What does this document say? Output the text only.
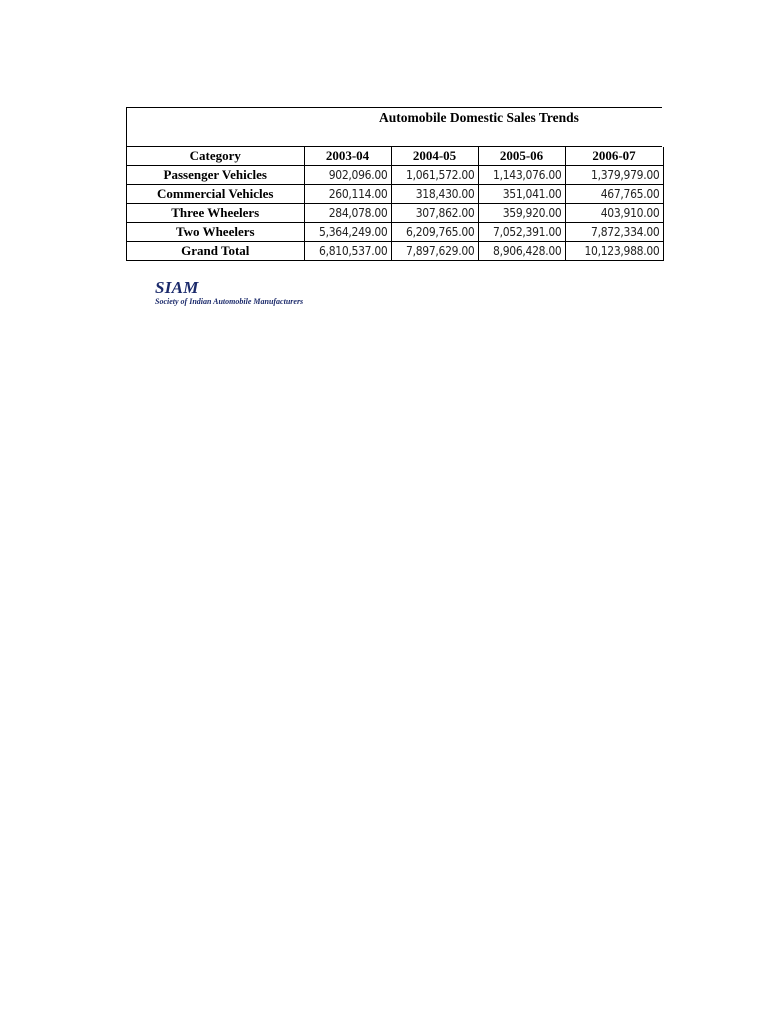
Automobile Domestic Sales Trends
Category	2003-04	2004-05	2005-06	2006-07
Passenger Vehicles	902,096.00	1,061,572.00	1,143,076.00	1,379,979.00
Commercial Vehicles	260,114.00	318,430.00	351,041.00	467,765.00
Three Wheelers	284,078.00	307,862.00	359,920.00	403,910.00
Two Wheelers	5,364,249.00	6,209,765.00	7,052,391.00	7,872,334.00
Grand Total	6,810,537.00	7,897,629.00	8,906,428.00	10,123,988.00
SIAM
Society of Indian Automobile Manufacturers
